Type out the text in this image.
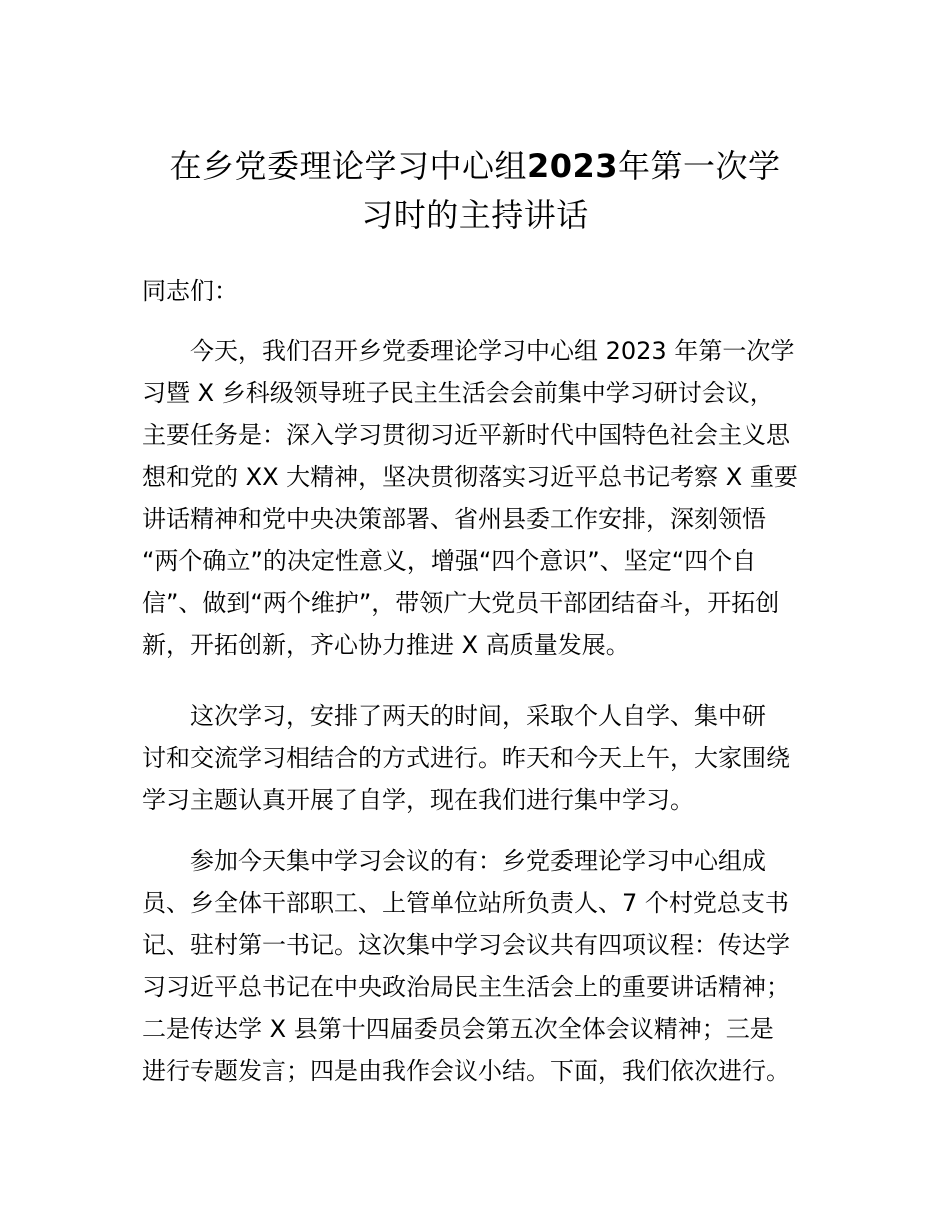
在乡党委理论学习中心组2023年第一次学
习时的主持讲话
同志们：
今天，我们召开乡党委理论学习中心组 2023 年第一次学
习暨 X 乡科级领导班子民主生活会会前集中学习研讨会议，
主要任务是：深入学习贯彻习近平新时代中国特色社会主义思
想和党的 XX 大精神，坚决贯彻落实习近平总书记考察 X 重要
讲话精神和党中央决策部署、省州县委工作安排，深刻领悟
“两个确立”的决定性意义，增强“四个意识”、坚定“四个自
信”、做到“两个维护”，带领广大党员干部团结奋斗，开拓创
新，开拓创新，齐心协力推进 X 高质量发展。
这次学习，安排了两天的时间，采取个人自学、集中研
讨和交流学习相结合的方式进行。昨天和今天上午，大家围绕
学习主题认真开展了自学，现在我们进行集中学习。
参加今天集中学习会议的有：乡党委理论学习中心组成
员、乡全体干部职工、上管单位站所负责人、7 个村党总支书
记、驻村第一书记。这次集中学习会议共有四项议程：传达学
习习近平总书记在中央政治局民主生活会上的重要讲话精神；
二是传达学 X 县第十四届委员会第五次全体会议精神；三是
进行专题发言；四是由我作会议小结。下面，我们依次进行。
